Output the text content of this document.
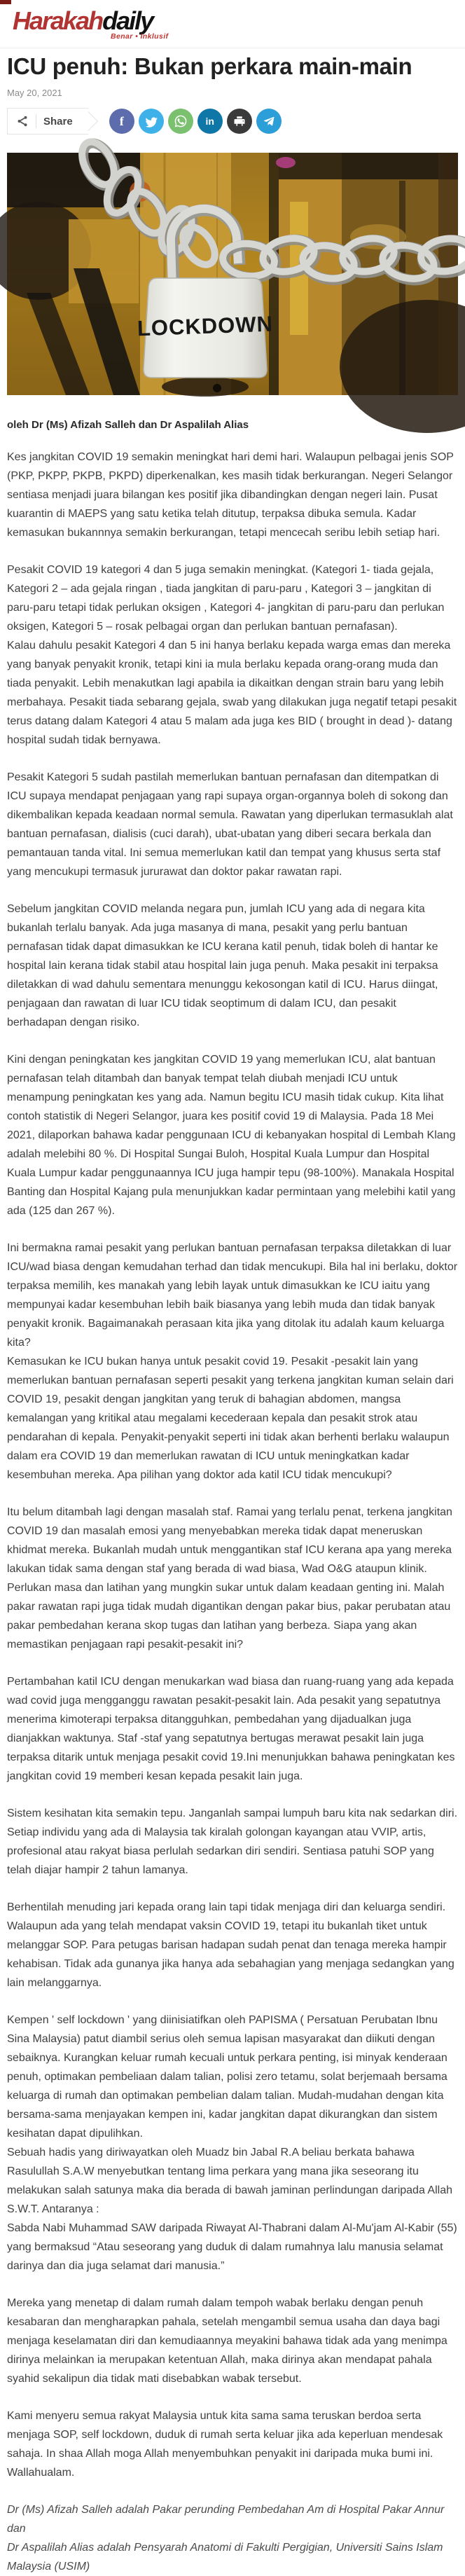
Harakahdaily
Benar • Inklusif
ICU penuh: Bukan perkara main-main
May 20, 2021
Share	f	in
LOCKDOWN
oleh Dr (Ms) Afizah Salleh dan Dr Aspalilah Alias

Kes jangkitan COVID 19 semakin meningkat hari demi hari. Walaupun pelbagai jenis SOP (PKP, PKPP, PKPB, PKPD) diperkenalkan, kes masih tidak berkurangan. Negeri Selangor sentiasa menjadi juara bilangan kes positif jika dibandingkan dengan negeri lain. Pusat kuarantin di MAEPS yang satu ketika telah ditutup, terpaksa dibuka semula. Kadar kemasukan bukannnya semakin berkurangan, tetapi mencecah seribu lebih setiap hari.

Pesakit COVID 19 kategori 4 dan 5 juga semakin meningkat. (Kategori 1- tiada gejala, Kategori 2 – ada gejala ringan , tiada jangkitan di paru-paru , Kategori 3 – jangkitan di paru-paru tetapi tidak perlukan oksigen , Kategori 4- jangkitan di paru-paru dan perlukan oksigen, Kategori 5 – rosak pelbagai organ dan perlukan bantuan pernafasan).

Kalau dahulu pesakit Kategori 4 dan 5 ini hanya berlaku kepada warga emas dan mereka yang banyak penyakit kronik, tetapi kini ia mula berlaku kepada orang-orang muda dan tiada penyakit. Lebih menakutkan lagi apabila ia dikaitkan dengan strain baru yang lebih merbahaya. Pesakit tiada sebarang gejala, swab yang dilakukan juga negatif tetapi pesakit terus datang dalam Kategori 4 atau 5 malam ada juga kes BID ( brought in dead )- datang hospital sudah tidak bernyawa.

Pesakit Kategori 5 sudah pastilah memerlukan bantuan pernafasan dan ditempatkan di ICU supaya mendapat penjagaan yang rapi supaya organ-organnya boleh di sokong dan dikembalikan kepada keadaan normal semula. Rawatan yang diperlukan termasuklah alat bantuan pernafasan, dialisis (cuci darah), ubat-ubatan yang diberi secara berkala dan pemantauan tanda vital. Ini semua memerlukan katil dan tempat yang khusus serta staf yang mencukupi termasuk jururawat dan doktor pakar rawatan rapi.

Sebelum jangkitan COVID melanda negara pun, jumlah ICU yang ada di negara kita bukanlah terlalu banyak. Ada juga masanya di mana, pesakit yang perlu bantuan pernafasan tidak dapat dimasukkan ke ICU kerana katil penuh, tidak boleh di hantar ke hospital lain kerana tidak stabil atau hospital lain juga penuh. Maka pesakit ini terpaksa diletakkan di wad dahulu sementara menunggu kekosongan katil di ICU. Harus diingat, penjagaan dan rawatan di luar ICU tidak seoptimum di dalam ICU, dan pesakit berhadapan dengan risiko.

Kini dengan peningkatan kes jangkitan COVID 19 yang memerlukan ICU, alat bantuan pernafasan telah ditambah dan banyak tempat telah diubah menjadi ICU untuk menampung peningkatan kes yang ada. Namun begitu ICU masih tidak cukup. Kita lihat contoh statistik di Negeri Selangor, juara kes positif covid 19 di Malaysia. Pada 18 Mei 2021, dilaporkan bahawa kadar penggunaan ICU di kebanyakan hospital di Lembah Klang adalah melebihi 80 %. Di Hospital Sungai Buloh, Hospital Kuala Lumpur dan Hospital Kuala Lumpur kadar penggunaannya ICU juga hampir tepu (98-100%). Manakala Hospital Banting dan Hospital Kajang pula menunjukkan kadar permintaan yang melebihi katil yang ada (125 dan 267 %).

Ini bermakna ramai pesakit yang perlukan bantuan pernafasan terpaksa diletakkan di luar ICU/wad biasa dengan kemudahan terhad dan tidak mencukupi. Bila hal ini berlaku, doktor terpaksa memilih, kes manakah yang lebih layak untuk dimasukkan ke ICU iaitu yang mempunyai kadar kesembuhan lebih baik biasanya yang lebih muda dan tidak banyak penyakit kronik. Bagaimanakah perasaan kita jika yang ditolak itu adalah kaum keluarga kita?

Kemasukan ke ICU bukan hanya untuk pesakit covid 19. Pesakit -pesakit lain yang memerlukan bantuan pernafasan seperti pesakit yang terkena jangkitan kuman selain dari COVID 19, pesakit dengan jangkitan yang teruk di bahagian abdomen, mangsa kemalangan yang kritikal atau megalami kecederaan kepala dan pesakit strok atau pendarahan di kepala. Penyakit-penyakit seperti ini tidak akan berhenti berlaku walaupun dalam era COVID 19 dan memerlukan rawatan di ICU untuk meningkatkan kadar kesembuhan mereka. Apa pilihan yang doktor ada katil ICU tidak mencukupi?

Itu belum ditambah lagi dengan masalah staf. Ramai yang terlalu penat, terkena jangkitan COVID 19 dan masalah emosi yang menyebabkan mereka tidak dapat meneruskan khidmat mereka. Bukanlah mudah untuk menggantikan staf ICU kerana apa yang mereka lakukan tidak sama dengan staf yang berada di wad biasa, Wad O&G ataupun klinik. Perlukan masa dan latihan yang mungkin sukar untuk dalam keadaan genting ini. Malah pakar rawatan rapi juga tidak mudah digantikan dengan pakar bius, pakar perubatan atau pakar pembedahan kerana skop tugas dan latihan yang berbeza. Siapa yang akan memastikan penjagaan rapi pesakit-pesakit ini?

Pertambahan katil ICU dengan menukarkan wad biasa dan ruang-ruang yang ada kepada wad covid juga mengganggu rawatan pesakit-pesakit lain. Ada pesakit yang sepatutnya menerima kimoterapi terpaksa ditangguhkan, pembedahan yang dijadualkan juga dianjakkan waktunya. Staf -staf yang sepatutnya bertugas merawat pesakit lain juga terpaksa ditarik untuk menjaga pesakit covid 19.Ini menunjukkan bahawa peningkatan kes jangkitan covid 19 memberi kesan kepada pesakit lain juga.

Sistem kesihatan kita semakin tepu. Janganlah sampai lumpuh baru kita nak sedarkan diri. Setiap individu yang ada di Malaysia tak kiralah golongan kayangan atau VVIP, artis, profesional atau rakyat biasa perlulah sedarkan diri sendiri. Sentiasa patuhi SOP yang telah diajar hampir 2 tahun lamanya.

Berhentilah menuding jari kepada orang lain tapi tidak menjaga diri dan keluarga sendiri. Walaupun ada yang telah mendapat vaksin COVID 19, tetapi itu bukanlah tiket untuk melanggar SOP. Para petugas barisan hadapan sudah penat dan tenaga mereka hampir kehabisan. Tidak ada gunanya jika hanya ada sebahagian yang menjaga sedangkan yang lain melanggarnya.

Kempen ' self lockdown ' yang diinisiatifkan oleh PAPISMA ( Persatuan Perubatan Ibnu Sina Malaysia) patut diambil serius oleh semua lapisan masyarakat dan diikuti dengan sebaiknya. Kurangkan keluar rumah kecuali untuk perkara penting, isi minyak kenderaan penuh, optimakan pembeliaan dalam talian, polisi zero tetamu, solat berjemaah bersama keluarga di rumah dan optimakan pembelian dalam talian. Mudah-mudahan dengan kita bersama-sama menjayakan kempen ini, kadar jangkitan dapat dikurangkan dan sistem kesihatan dapat dipulihkan.

Sebuah hadis yang diriwayatkan oleh Muadz bin Jabal R.A beliau berkata bahawa Rasulullah S.A.W menyebutkan tentang lima perkara yang mana jika seseorang itu melakukan salah satunya maka dia berada di bawah jaminan perlindungan daripada Allah S.W.T. Antaranya :

Sabda Nabi Muhammad SAW daripada Riwayat Al-Thabrani dalam Al-Mu'jam Al-Kabir (55) yang bermaksud “Atau seseorang yang duduk di dalam rumahnya lalu manusia selamat darinya dan dia juga selamat dari manusia.”

Mereka yang menetap di dalam rumah dalam tempoh wabak berlaku dengan penuh kesabaran dan mengharapkan pahala, setelah mengambil semua usaha dan daya bagi menjaga keselamatan diri dan kemudiaannya meyakini bahawa tidak ada yang menimpa dirinya melainkan ia merupakan ketentuan Allah, maka dirinya akan mendapat pahala syahid sekalipun dia tidak mati disebabkan wabak tersebut.

Kami menyeru semua rakyat Malaysia untuk kita sama sama teruskan berdoa serta menjaga SOP, self lockdown, duduk di rumah serta keluar jika ada keperluan mendesak sahaja. In shaa Allah moga Allah menyembuhkan penyakit ini daripada muka bumi ini. Wallahualam.

Dr (Ms) Afizah Salleh adalah Pakar perunding Pembedahan Am di Hospital Pakar Annur dan

Dr Aspalilah Alias adalah Pensyarah Anatomi di Fakulti Pergigian, Universiti Sains Islam Malaysia (USIM)
